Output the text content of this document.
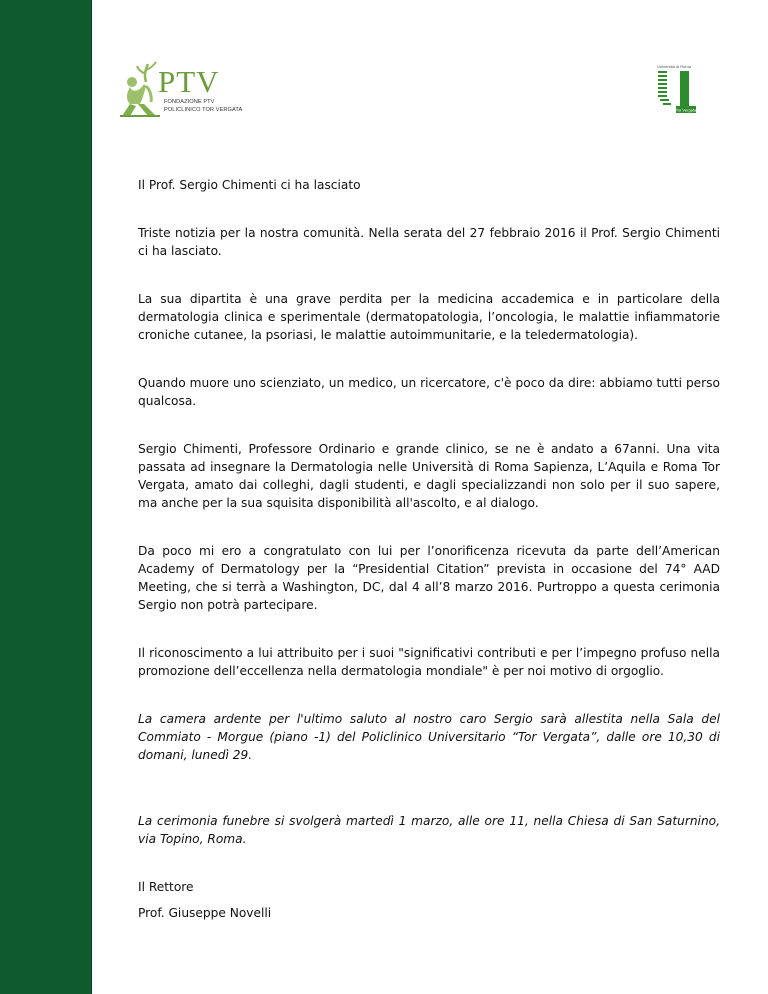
PTV
FONDAZIONE PTV
POLICLINICO TOR VERGATA
Università di Roma
Tor Vergata

Il Prof. Sergio Chimenti ci ha lasciato

Triste notizia per la nostra comunità. Nella serata del 27 febbraio 2016 il Prof. Sergio Chimenti ci ha lasciato.

La sua dipartita è una grave perdita per la medicina accademica e in particolare della dermatologia clinica e sperimentale (dermatopatologia, l’oncologia, le malattie infiammatorie croniche cutanee, la psoriasi, le malattie autoimmunitarie, e la teledermatologia).

Quando muore uno scienziato, un medico, un ricercatore, c'è poco da dire: abbiamo tutti perso qualcosa.

Sergio Chimenti, Professore Ordinario e grande clinico, se ne è andato a 67anni. Una vita passata ad insegnare la Dermatologia nelle Università di Roma Sapienza, L’Aquila e Roma Tor Vergata, amato dai colleghi, dagli studenti, e dagli specializzandi non solo per il suo sapere, ma anche per la sua squisita disponibilità all'ascolto, e al dialogo.

Da poco mi ero a congratulato con lui per l’onorificenza ricevuta da parte dell’American Academy of Dermatology per la “Presidential Citation” prevista in occasione del 74° AAD Meeting, che si terrà a Washington, DC, dal 4 all’8 marzo 2016. Purtroppo a questa cerimonia Sergio non potrà partecipare.

Il riconoscimento a lui attribuito per i suoi "significativi contributi e per l’impegno profuso nella promozione dell’eccellenza nella dermatologia mondiale" è per noi motivo di orgoglio.

La camera ardente per l'ultimo saluto al nostro caro Sergio sarà allestita nella Sala del Commiato - Morgue (piano -1) del Policlinico Universitario “Tor Vergata”, dalle ore 10,30 di domani, lunedì 29.

La cerimonia funebre si svolgerà martedì 1 marzo, alle ore 11, nella Chiesa di San Saturnino, via Topino, Roma.

Il Rettore

Prof. Giuseppe Novelli
